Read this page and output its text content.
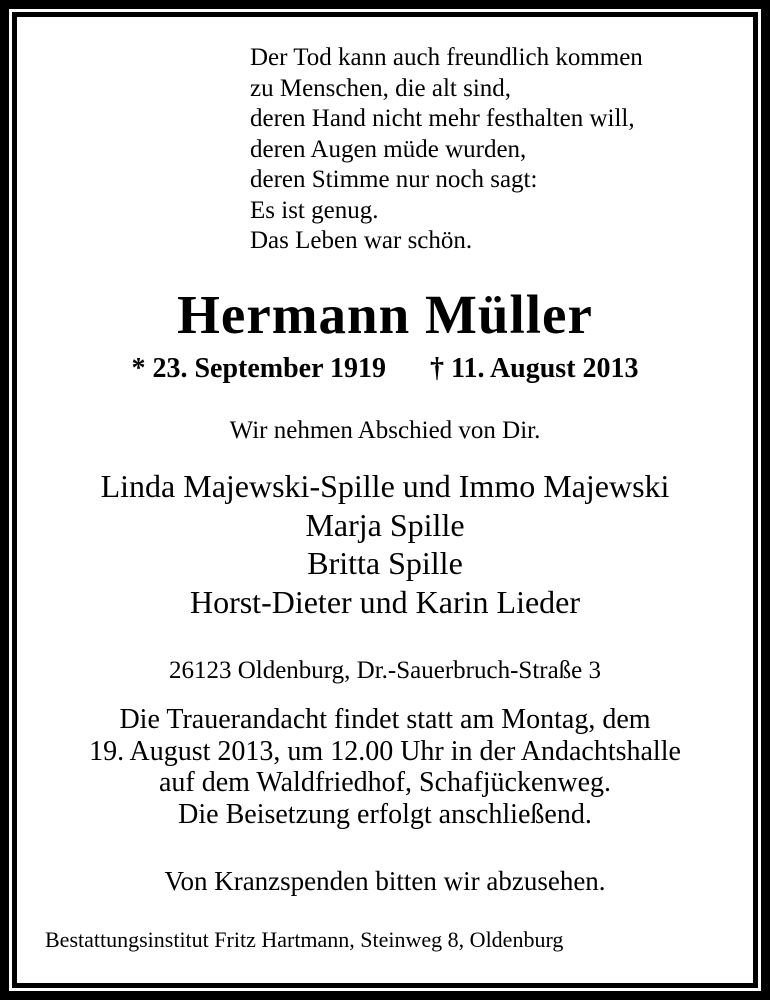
Der Tod kann auch freundlich kommen
zu Menschen, die alt sind,
deren Hand nicht mehr festhalten will,
deren Augen müde wurden,
deren Stimme nur noch sagt:
Es ist genug.
Das Leben war schön.
Hermann Müller
* 23. September 1919 † 11. August 2013
Wir nehmen Abschied von Dir.
Linda Majewski-Spille und Immo Majewski
Marja Spille
Britta Spille
Horst-Dieter und Karin Lieder
26123 Oldenburg, Dr.-Sauerbruch-Straße 3
Die Trauerandacht findet statt am Montag, dem
19. August 2013, um 12.00 Uhr in der Andachtshalle
auf dem Waldfriedhof, Schafjückenweg.
Die Beisetzung erfolgt anschließend.
Von Kranzspenden bitten wir abzusehen.
Bestattungsinstitut Fritz Hartmann, Steinweg 8, Oldenburg
